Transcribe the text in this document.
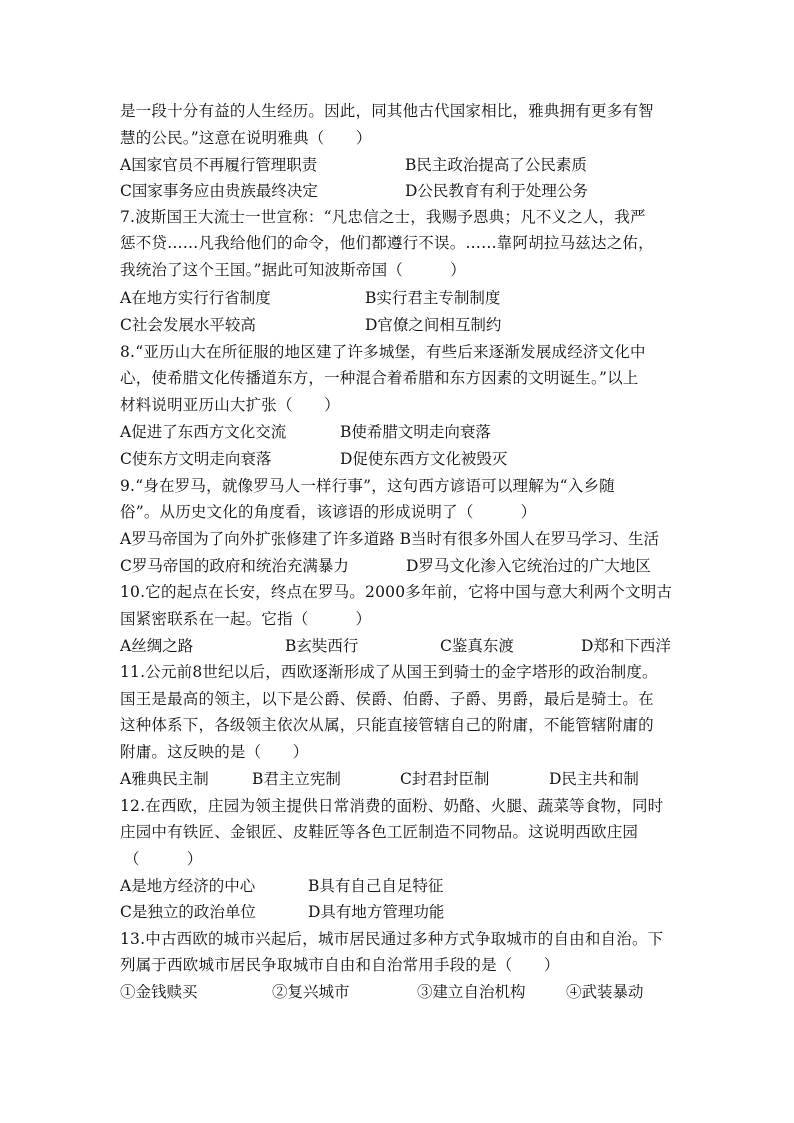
是一段十分有益的人生经历。因此，同其他古代国家相比，雅典拥有更多有智
慧的公民。”这意在说明雅典（　　）
A国家官员不再履行管理职责	B民主政治提高了公民素质
C国家事务应由贵族最终决定	D公民教育有利于处理公务
7.波斯国王大流士一世宣称：“凡忠信之士，我赐予恩典；凡不义之人，我严
惩不贷……凡我给他们的命令，他们都遵行不误。……靠阿胡拉马兹达之佑，
我统治了这个王国。”据此可知波斯帝国（　　　）
A在地方实行行省制度	B实行君主专制制度
C社会发展水平较高	D官僚之间相互制约
8.“亚历山大在所征服的地区建了许多城堡，有些后来逐渐发展成经济文化中
心，使希腊文化传播道东方，一种混合着希腊和东方因素的文明诞生。”以上
材料说明亚历山大扩张（　　）
A促进了东西方文化交流	B使希腊文明走向衰落
C使东方文明走向衰落	D促使东西方文化被毁灭
9.“身在罗马，就像罗马人一样行事”，这句西方谚语可以理解为“入乡随
俗”。从历史文化的角度看，该谚语的形成说明了（　　　）
A罗马帝国为了向外扩张修建了许多道路 B当时有很多外国人在罗马学习、生活
C罗马帝国的政府和统治充满暴力	D罗马文化渗入它统治过的广大地区
10.它的起点在长安，终点在罗马。2000多年前，它将中国与意大利两个文明古
国紧密联系在一起。它指（　　　）
A丝绸之路	B玄奘西行	C鉴真东渡	D郑和下西洋
11.公元前8世纪以后，西欧逐渐形成了从国王到骑士的金字塔形的政治制度。
国王是最高的领主，以下是公爵、侯爵、伯爵、子爵、男爵，最后是骑士。在
这种体系下，各级领主依次从属，只能直接管辖自己的附庸，不能管辖附庸的
附庸。这反映的是（　　）
A雅典民主制	B君主立宪制	C封君封臣制	D民主共和制
12.在西欧，庄园为领主提供日常消费的面粉、奶酪、火腿、蔬菜等食物，同时
庄园中有铁匠、金银匠、皮鞋匠等各色工匠制造不同物品。这说明西欧庄园
（　　　）
A是地方经济的中心	B具有自己自足特征
C是独立的政治单位	D具有地方管理功能
13.中古西欧的城市兴起后，城市居民通过多种方式争取城市的自由和自治。下
列属于西欧城市居民争取城市自由和自治常用手段的是（　　）
①金钱赎买	②复兴城市	③建立自治机构	④武装暴动
